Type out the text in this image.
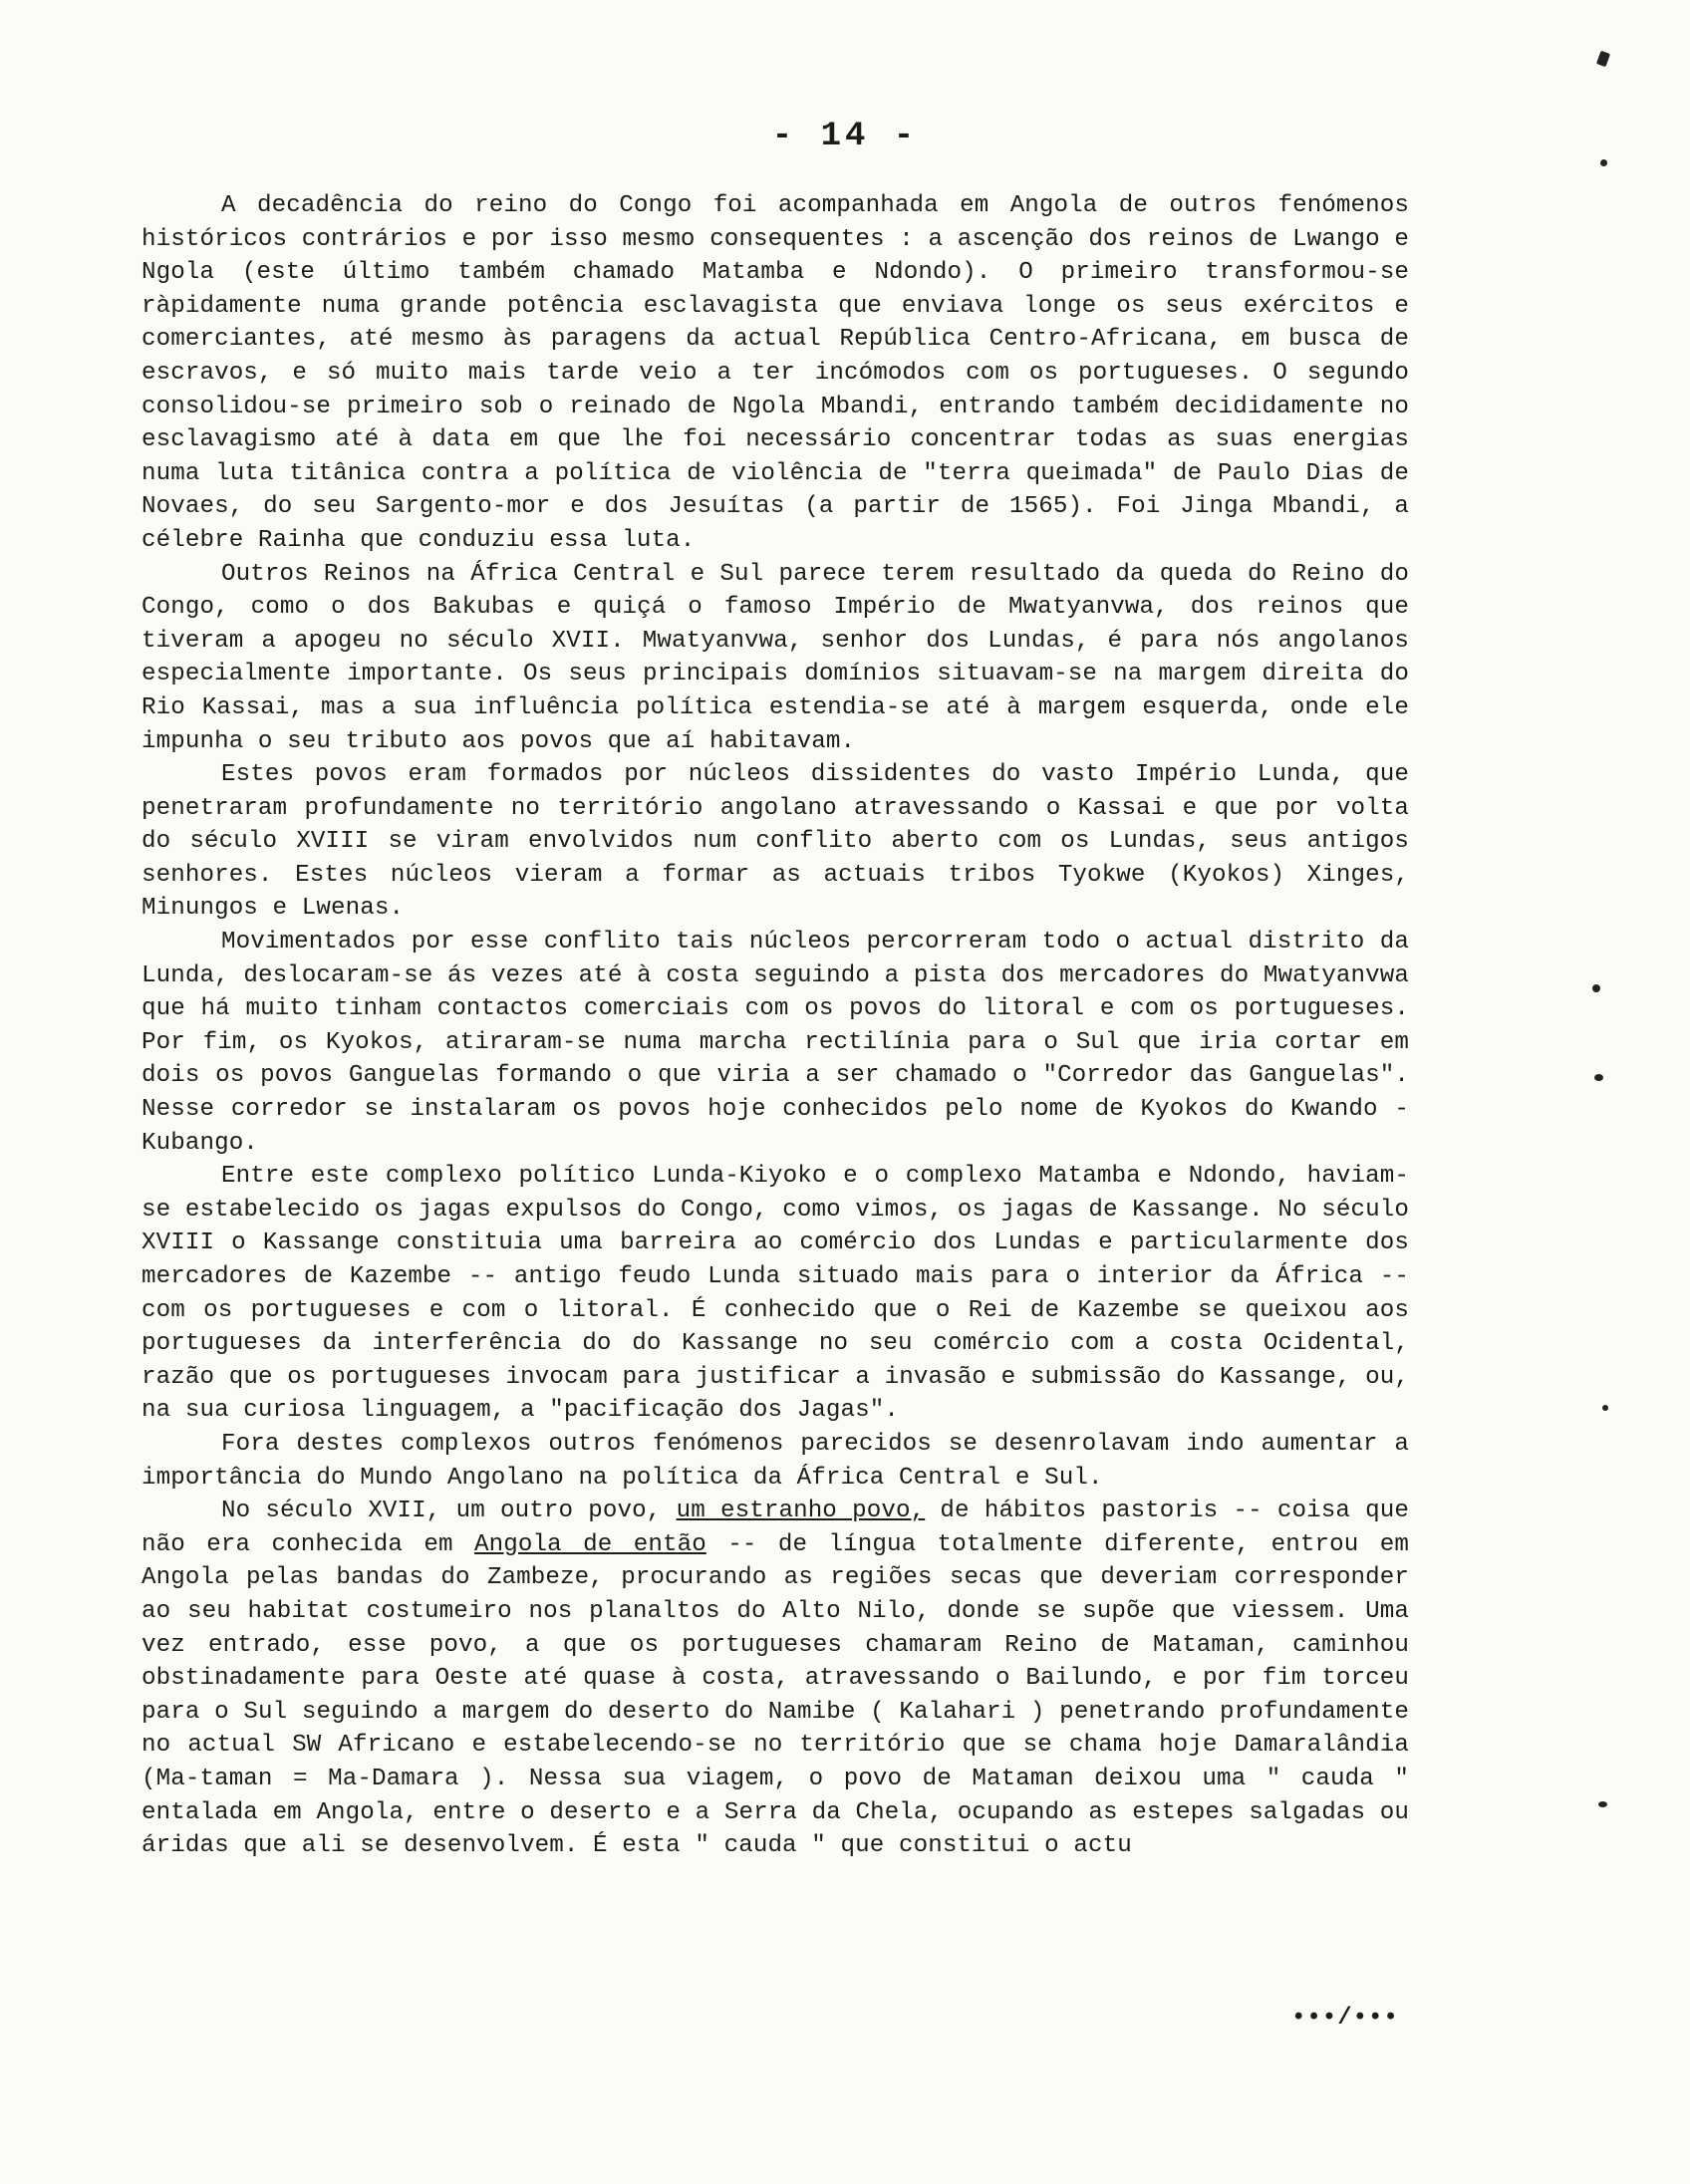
- 14 -

A decadência do reino do Congo foi acompanhada em Angola de outros fenómenos históricos contrários e por isso mesmo consequentes : a ascenção dos reinos de Lwango e Ngola (este último também chamado Matamba e Ndondo). O primeiro transformou-se ràpidamente numa grande potência esclavagista que enviava longe os seus exércitos e comerciantes, até mesmo às paragens da actual República Centro-Africana, em busca de escravos, e só muito mais tarde veio a ter incómodos com os portugueses. O segundo consolidou-se primeiro sob o reinado de Ngola Mbandi, entrando também decididamente no esclavagismo até à data em que lhe foi necessário concentrar todas as suas energias numa luta titânica contra a política de violência de "terra queimada" de Paulo Dias de Novaes, do seu Sargento-mor e dos Jesuítas (a partir de 1565). Foi Jinga Mbandi, a célebre Rainha que conduziu essa luta.

Outros Reinos na África Central e Sul parece terem resultado da queda do Reino do Congo, como o dos Bakubas e quiçá o famoso Império de Mwatyanvwa, dos reinos que tiveram a apogeu no século XVII. Mwatyanvwa, senhor dos Lundas, é para nós angolanos especialmente importante. Os seus principais domínios situavam-se na margem direita do Rio Kassai, mas a sua influência política estendia-se até à margem esquerda, onde ele impunha o seu tributo aos povos que aí habitavam.

Estes povos eram formados por núcleos dissidentes do vasto Império Lunda, que penetraram profundamente no território angolano atravessando o Kassai e que por volta do século XVIII se viram envolvidos num conflito aberto com os Lundas, seus antigos senhores. Estes núcleos vieram a formar as actuais tribos Tyokwe (Kyokos) Xinges, Minungos e Lwenas.

Movimentados por esse conflito tais núcleos percorreram todo o actual distrito da Lunda, deslocaram-se ás vezes até à costa seguindo a pista dos mercadores do Mwatyanvwa que há muito tinham contactos comerciais com os povos do litoral e com os portugueses. Por fim, os Kyokos, atiraram-se numa marcha rectilínia para o Sul que iria cortar em dois os povos Ganguelas formando o que viria a ser chamado o "Corredor das Ganguelas". Nesse corredor se instalaram os povos hoje conhecidos pelo nome de Kyokos do Kwando - Kubango.

Entre este complexo político Lunda-Kiyoko e o complexo Matamba e Ndondo, haviam-se estabelecido os jagas expulsos do Congo, como vimos, os jagas de Kassange. No século XVIII o Kassange constituia uma barreira ao comércio dos Lundas e particularmente dos mercadores de Kazembe -- antigo feudo Lunda situado mais para o interior da África -- com os portugueses e com o litoral. É conhecido que o Rei de Kazembe se queixou aos portugueses da interferência do do Kassange no seu comércio com a costa Ocidental, razão que os portugueses invocam para justificar a invasão e submissão do Kassange, ou, na sua curiosa linguagem, a "pacificação dos Jagas".

Fora destes complexos outros fenómenos parecidos se desenrolavam indo aumentar a importância do Mundo Angolano na política da África Central e Sul.

No século XVII, um outro povo, um estranho povo, de hábitos pastoris -- coisa que não era conhecida em Angola de então -- de língua totalmente diferente, entrou em Angola pelas bandas do Zambeze, procurando as regiões secas que deveriam corresponder ao seu habitat costumeiro nos planaltos do Alto Nilo, donde se supõe que viessem. Uma vez entrado, esse povo, a que os portugueses chamaram Reino de Mataman, caminhou obstinadamente para Oeste até quase à costa, atravessando o Bailundo, e por fim torceu para o Sul seguindo a margem do deserto do Namibe ( Kalahari ) penetrando profundamente no actual SW Africano e estabelecendo-se no território que se chama hoje Damaralândia (Ma-taman = Ma-Damara ). Nessa sua viagem, o povo de Mataman deixou uma " cauda " entalada em Angola, entre o deserto e a Serra da Chela, ocupando as estepes salgadas ou áridas que ali se desenvolvem. É esta " cauda " que constitui o actu

•••/•••
